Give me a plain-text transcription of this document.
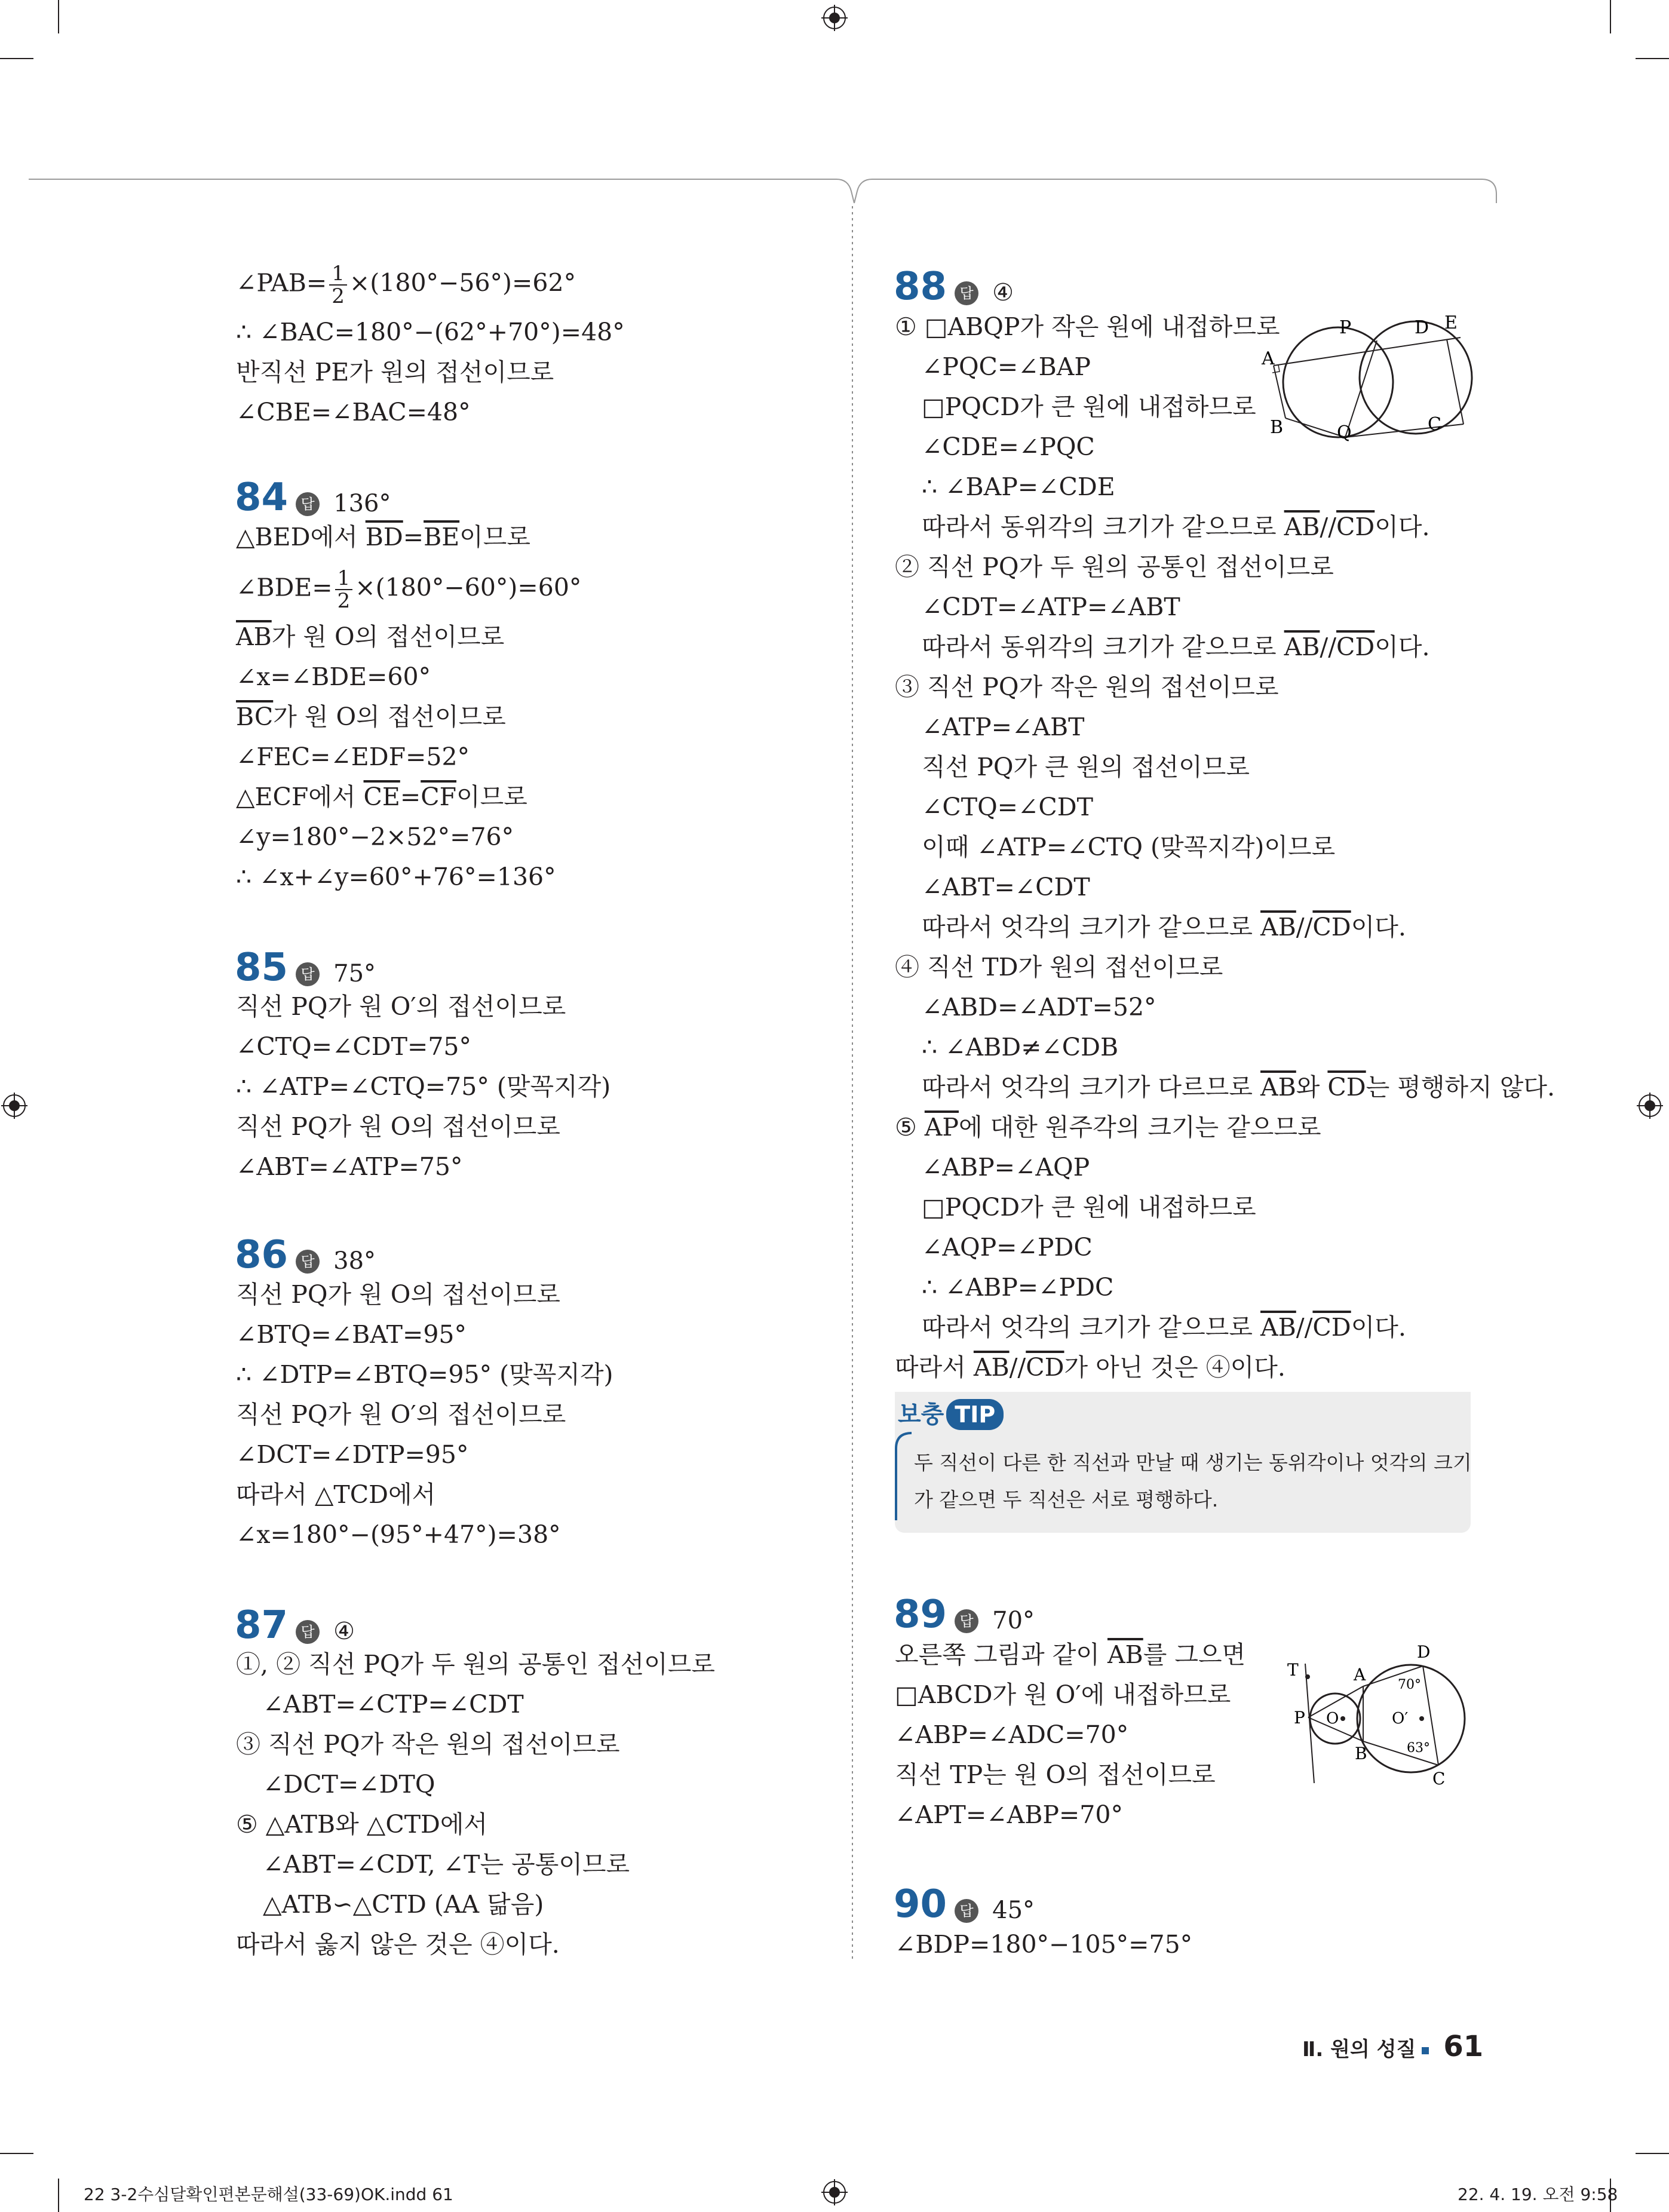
∠PAB= $\frac{1}{2} \times(180^\circ-56^\circ)=62^\circ$
∴ ∠BAC=180°−(62°+70°)=48°
반직선 PE가 원의 접선이므로
∠CBE=∠BAC=48°
84 답 136°
△BED에서 $\overline{BD}=\overline{BE}$이므로
∠BDE= $\frac{1}{2} \times(180^\circ-60^\circ)=60^\circ$
$\overline{AB}$가 원 O의 접선이므로
∠x=∠BDE=60°
$\overline{BC}$가 원 O의 접선이므로
∠FEC=∠EDF=52°
△ECF에서 $\overline{CE}=\overline{CF}$이므로
∠y=180°−2×52°=76°
∴ ∠x+∠y=60°+76°=136°
85 답 75°
직선 PQ가 원 O′의 접선이므로
∠CTQ=∠CDT=75°
∴ ∠ATP=∠CTQ=75° (맞꼭지각)
직선 PQ가 원 O의 접선이므로
∠ABT=∠ATP=75°
86 답 38°
직선 PQ가 원 O의 접선이므로
∠BTQ=∠BAT=95°
∴ ∠DTP=∠BTQ=95° (맞꼭지각)
직선 PQ가 원 O′의 접선이므로
∠DCT=∠DTP=95°
따라서 △TCD에서
∠x=180°−(95°+47°)=38°
87 답 ④
①, ② 직선 PQ가 두 원의 공통인 접선이므로
∠ABT=∠CTP=∠CDT
③ 직선 PQ가 작은 원의 접선이므로
∠DCT=∠DTQ
⑤ △ATB와 △CTD에서
∠ABT=∠CDT, ∠T는 공통이므로
△ATB∽△CTD (AA 닮음)
따라서 옳지 않은 것은 ④이다.
88 답 ④
① □ABQP가 작은 원에 내접하므로
∠PQC=∠BAP
□PQCD가 큰 원에 내접하므로
∠CDE=∠PQC
∴ ∠BAP=∠CDE
따라서 동위각의 크기가 같으므로 $\overline{AB}//\overline{CD}$이다.
② 직선 PQ가 두 원의 공통인 접선이므로
∠CDT=∠ATP=∠ABT
따라서 동위각의 크기가 같으므로 $\overline{AB}//\overline{CD}$이다.
③ 직선 PQ가 작은 원의 접선이므로
∠ATP=∠ABT
직선 PQ가 큰 원의 접선이므로
∠CTQ=∠CDT
이때 ∠ATP=∠CTQ (맞꼭지각)이므로
∠ABT=∠CDT
따라서 엇각의 크기가 같으므로 $\overline{AB}//\overline{CD}$이다.
④ 직선 TD가 원의 접선이므로
∠ABD=∠ADT=52°
∴ ∠ABD≠∠CDB
따라서 엇각의 크기가 다르므로 $\overline{AB}$와 $\overline{CD}$는 평행하지 않다.
⑤ $\overline{AP}$에 대한 원주각의 크기는 같으므로
∠ABP=∠AQP
□PQCD가 큰 원에 내접하므로
∠AQP=∠PDC
∴ ∠ABP=∠PDC
따라서 엇각의 크기가 같으므로 $\overline{AB}//\overline{CD}$이다.
따라서 $\overline{AB}//\overline{CD}$가 아닌 것은 ④이다.
A
P	D E
B	Q	C
보충 TIP
두 직선이 다른 한 직선과 만날 때 생기는 동위각이나 엇각의 크기
가 같으면 두 직선은 서로 평행하다.
89 답 70°
오른쪽 그림과 같이 $\overline{AB}$를 그으면
□ABCD가 원 O′에 내접하므로
∠ABP=∠ADC=70°
직선 TP는 원 O의 접선이므로
∠APT=∠ABP=70°
T	A
D
P O	O′
B
C
70°
63°
90 답 45°
∠BDP=180°−105°=75°
Ⅱ. 원의 성질 61
22 3-2수심달확인편본문해설(33-69)OK.indd 61	22. 4. 19. 오전 9:58
